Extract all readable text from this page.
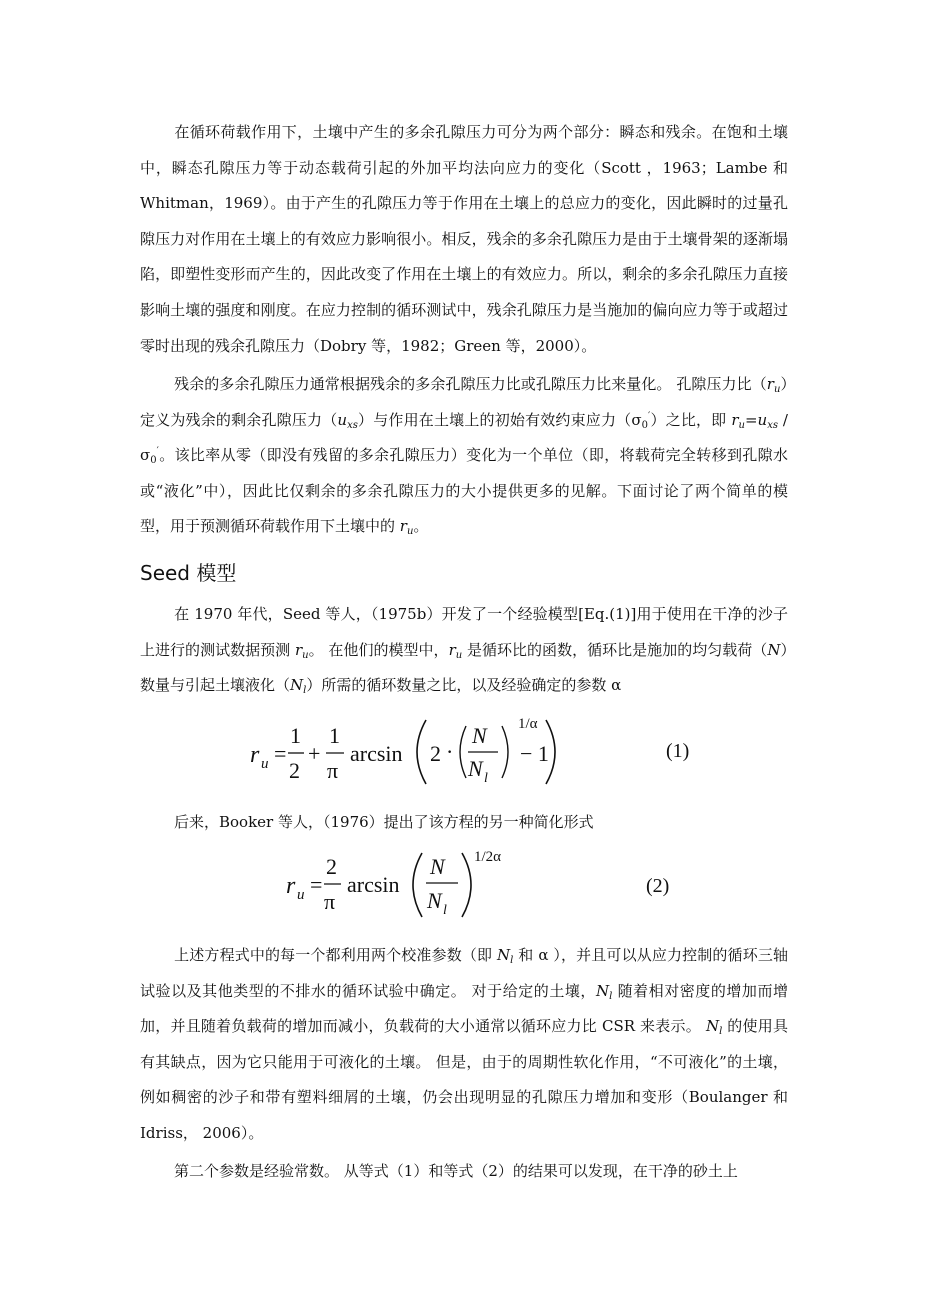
在循环荷载作用下，土壤中产生的多余孔隙压力可分为两个部分：瞬态和残余。在饱和土壤中，瞬态孔隙压力等于动态载荷引起的外加平均法向应力的变化（Scott ，1963；Lambe 和 Whitman，1969）。由于产生的孔隙压力等于作用在土壤上的总应力的变化，因此瞬时的过量孔隙压力对作用在土壤上的有效应力影响很小。相反，残余的多余孔隙压力是由于土壤骨架的逐渐塌陷，即塑性变形而产生的，因此改变了作用在土壤上的有效应力。所以，剩余的多余孔隙压力直接影响土壤的强度和刚度。在应力控制的循环测试中，残余孔隙压力是当施加的偏向应力等于或超过零时出现的残余孔隙压力（Dobry 等，1982；Green 等，2000）。

残余的多余孔隙压力通常根据残余的多余孔隙压力比或孔隙压力比来量化。 孔隙压力比$(r_u)$定义为残余的剩余孔隙压力$(u_{xs})$与作用在土壤上的初始有效约束应力$(\sigma_0')$之比，即 $r_u=u_{xs} / \sigma_0'$。该比率从零（即没有残留的多余孔隙压力）变化为一个单位（即，将载荷完全转移到孔隙水或“液化”中），因此比仅剩余的多余孔隙压力的大小提供更多的见解。下面讨论了两个简单的模型，用于预测循环荷载作用下土壤中的 $r_u$。

Seed 模型

在 1970 年代，Seed 等人，（1975b）开发了一个经验模型[Eq.(1)]用于使用在干净的沙子上进行的测试数据预测 $r_u$。 在他们的模型中，$r_u$ 是循环比的函数，循环比是施加的均匀载荷（N）数量与引起土壤液化$(N_l)$所需的循环数量之比，以及经验确定的参数 α

r u =
1
2
+
1
π
arcsin 2 ·
N
N l
1/α
− 1	(1)

后来，Booker 等人，（1976）提出了该方程的另一种简化形式

r u =
2
π
arcsin
N
N l
1/2α
(2)

上述方程式中的每一个都利用两个校准参数（即 $N_l$ 和 α ），并且可以从应力控制的循环三轴试验以及其他类型的不排水的循环试验中确定。 对于给定的土壤，$N_l$ 随着相对密度的增加而增加，并且随着负载荷的增加而减小，负载荷的大小通常以循环应力比 CSR 来表示。 $N_l$ 的使用具有其缺点，因为它只能用于可液化的土壤。 但是，由于的周期性软化作用，“不可液化”的土壤，例如稠密的沙子和带有塑料细屑的土壤，仍会出现明显的孔隙压力增加和变形（Boulanger 和 Idriss， 2006）。

第二个参数是经验常数。 从等式（1）和等式（2）的结果可以发现，在干净的砂土上
